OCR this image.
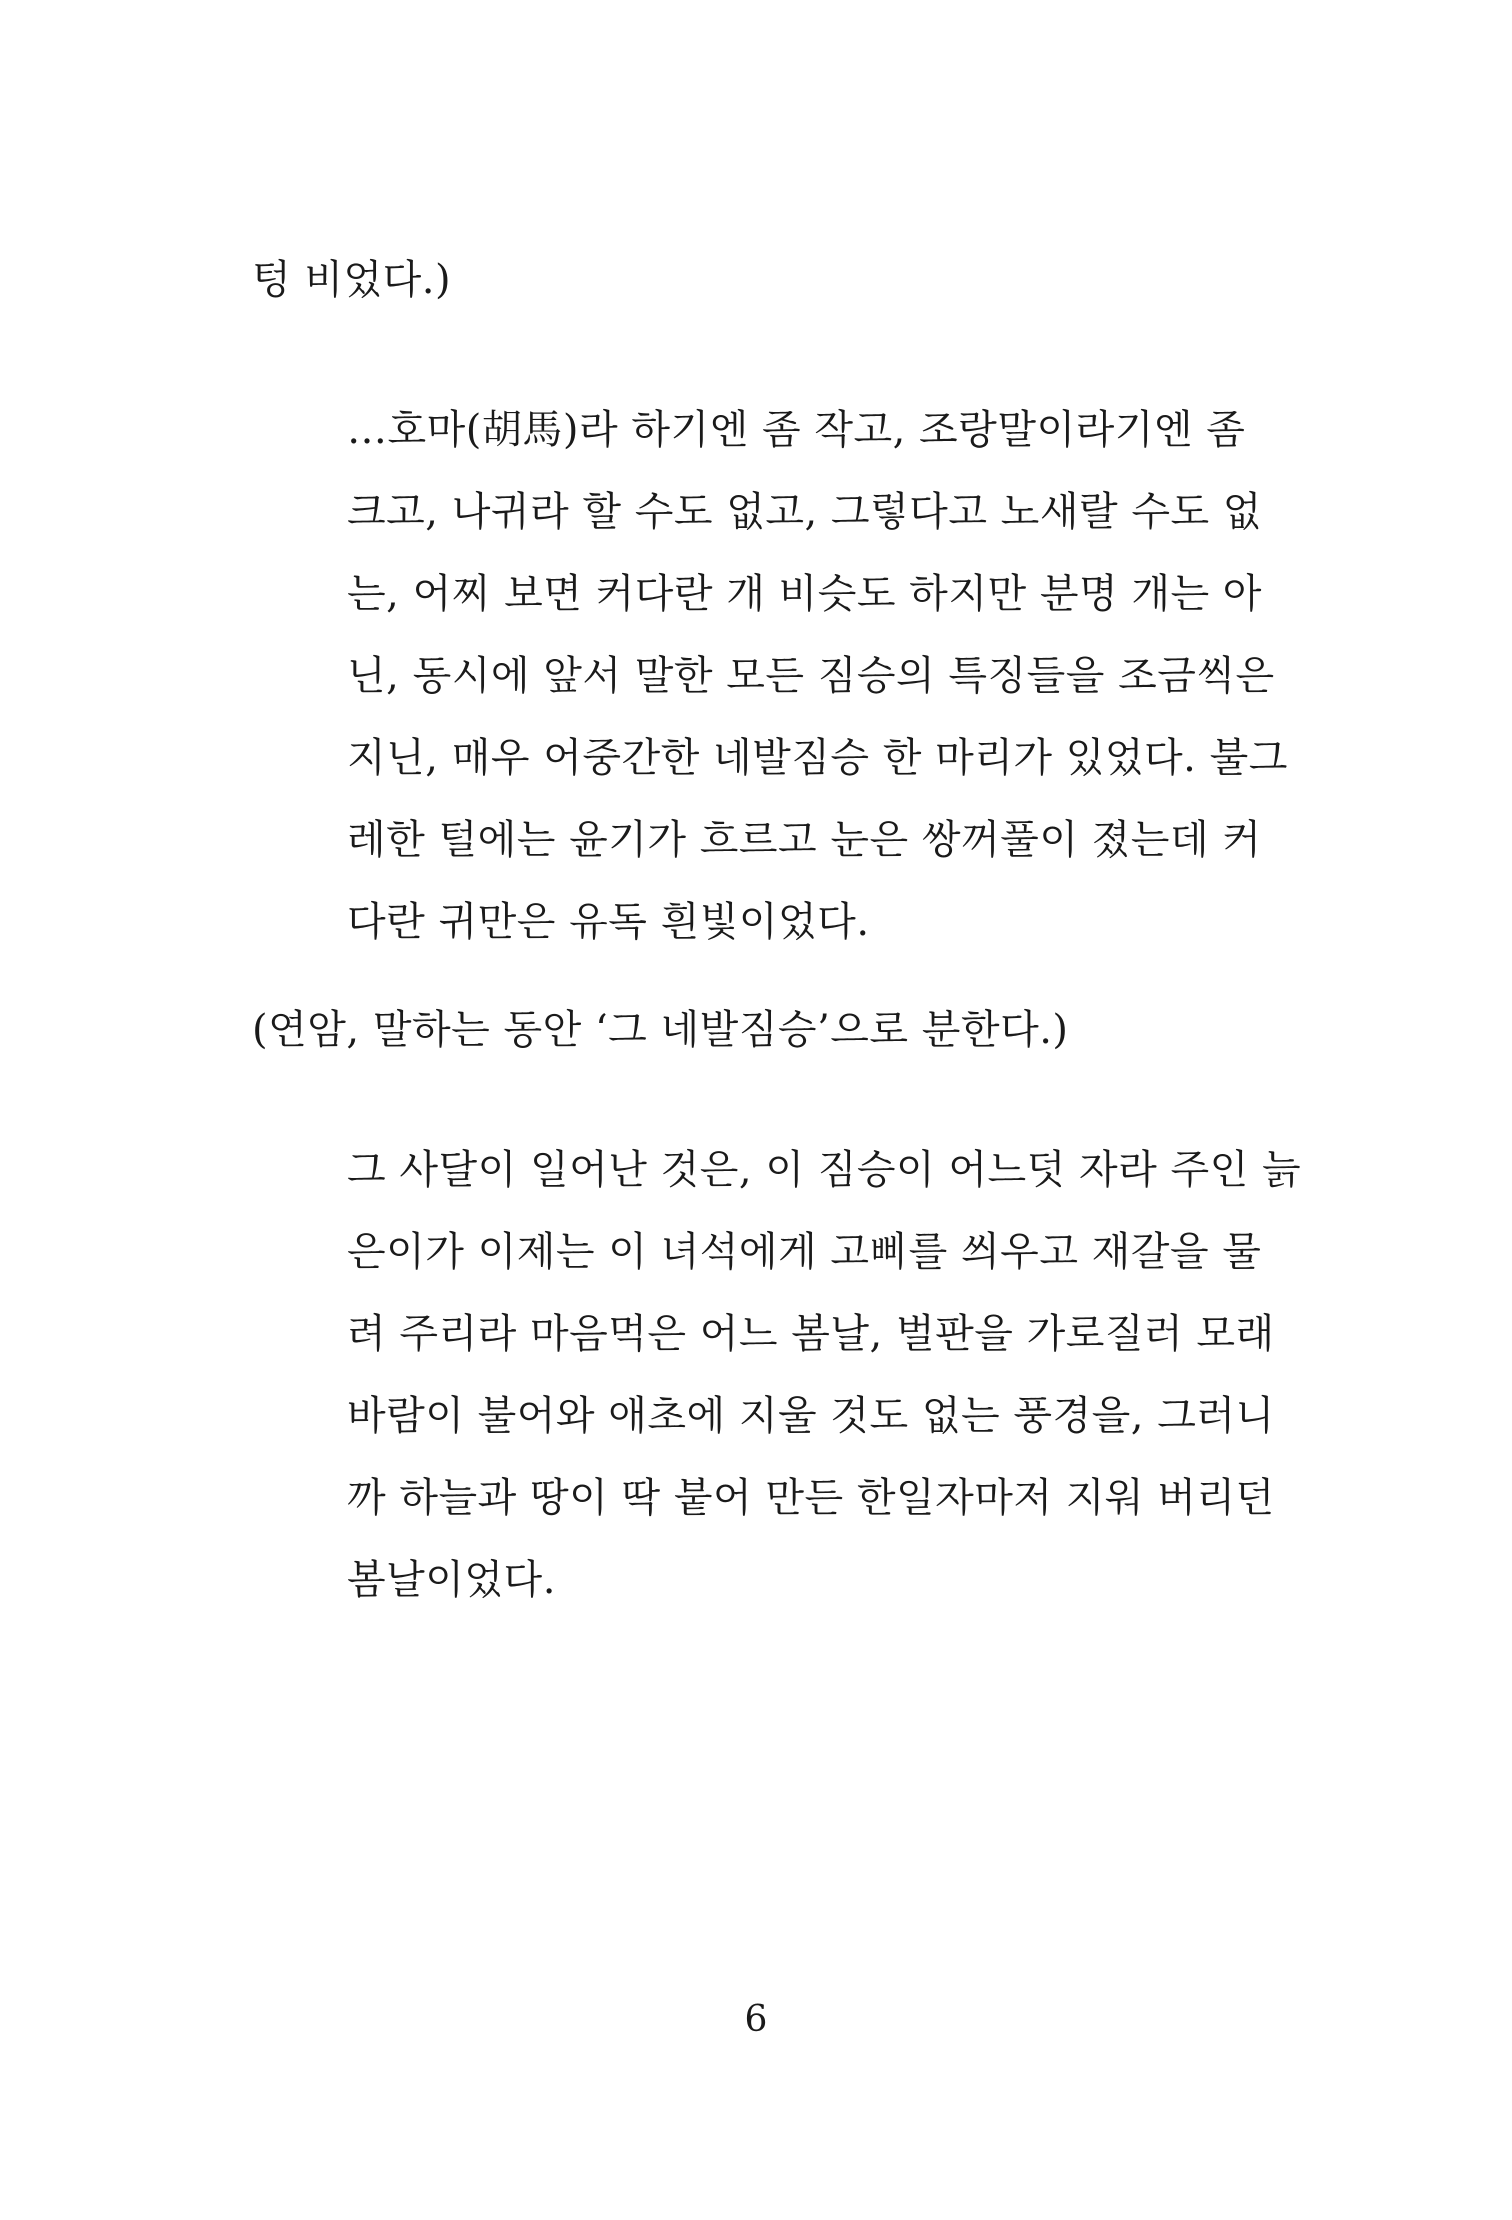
텅 비었다.)
…호마(胡馬)라 하기엔 좀 작고, 조랑말이라기엔 좀
크고, 나귀라 할 수도 없고, 그렇다고 노새랄 수도 없
는, 어찌 보면 커다란 개 비슷도 하지만 분명 개는 아
닌, 동시에 앞서 말한 모든 짐승의 특징들을 조금씩은
지닌, 매우 어중간한 네발짐승 한 마리가 있었다. 불그
레한 털에는 윤기가 흐르고 눈은 쌍꺼풀이 졌는데 커
다란 귀만은 유독 흰빛이었다.
(연암, 말하는 동안 ‘그 네발짐승’으로 분한다.)
그 사달이 일어난 것은, 이 짐승이 어느덧 자라 주인 늙
은이가 이제는 이 녀석에게 고삐를 씌우고 재갈을 물
려 주리라 마음먹은 어느 봄날, 벌판을 가로질러 모래
바람이 불어와 애초에 지울 것도 없는 풍경을, 그러니
까 하늘과 땅이 딱 붙어 만든 한일자마저 지워 버리던
봄날이었다.
6
